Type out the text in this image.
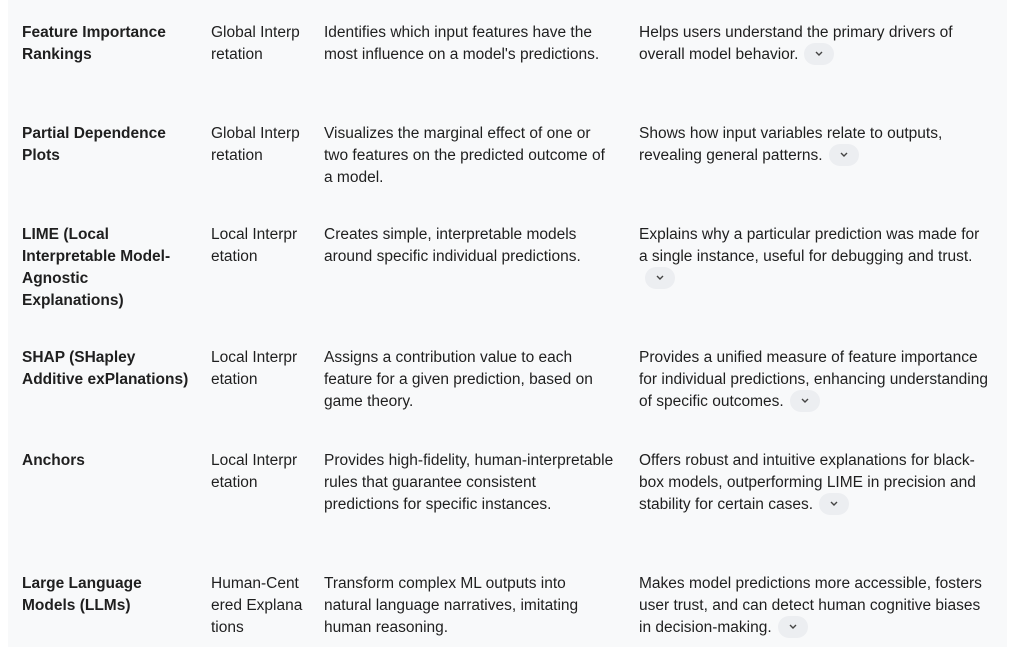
Feature Importance Rankings
Global Interpretation
Identifies which input features have the most influence on a model's predictions.
Helps users understand the primary drivers of overall model behavior.
Partial Dependence Plots
Global Interpretation
Visualizes the marginal effect of one or two features on the predicted outcome of a model.
Shows how input variables relate to outputs, revealing general patterns.
LIME (Local Interpretable Model-Agnostic Explanations)
Local Interpretation
Creates simple, interpretable models around specific individual predictions.
Explains why a particular prediction was made for a single instance, useful for debugging and trust.
SHAP (SHapley Additive exPlanations)
Local Interpretation
Assigns a contribution value to each feature for a given prediction, based on game theory.
Provides a unified measure of feature importance for individual predictions, enhancing understanding of specific outcomes.
Anchors	Local Interpretation
Provides high-fidelity, human-interpretable rules that guarantee consistent predictions for specific instances.
Offers robust and intuitive explanations for black-box models, outperforming LIME in precision and stability for certain cases.
Large Language Models (LLMs)
Human-Centered Explanations
Transform complex ML outputs into natural language narratives, imitating human reasoning.
Makes model predictions more accessible, fosters user trust, and can detect human cognitive biases in decision-making.
